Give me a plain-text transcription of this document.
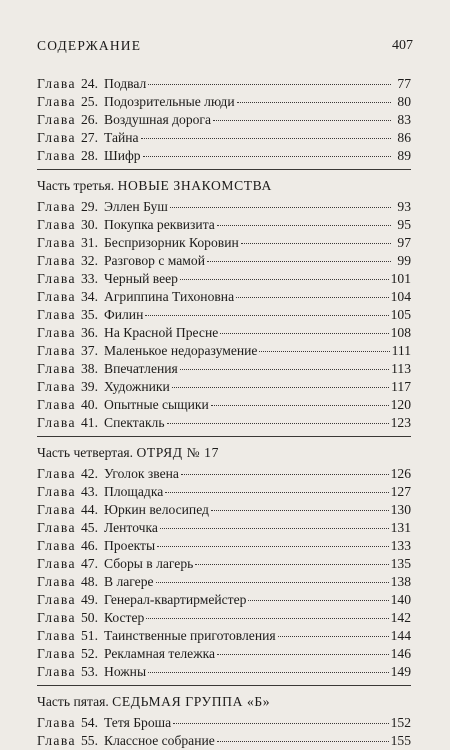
СОДЕРЖАНИЕ	407
Глава 24. Подвал	77
Глава 25. Подозрительные люди	80
Глава 26. Воздушная дорога	83
Глава 27. Тайна	86
Глава 28. Шифр	89
Часть третья. НОВЫЕ ЗНАКОМСТВА
Глава 29. Эллен Буш	93
Глава 30. Покупка реквизита	95
Глава 31. Беспризорник Коровин	97
Глава 32. Разговор с мамой	99
Глава 33. Черный веер	101
Глава 34. Агриппина Тихоновна	104
Глава 35. Филин	105
Глава 36. На Красной Пресне	108
Глава 37. Маленькое недоразумение	111
Глава 38. Впечатления	113
Глава 39. Художники	117
Глава 40. Опытные сыщики	120
Глава 41. Спектакль	123
Часть четвертая. ОТРЯД № 17
Глава 42. Уголок звена	126
Глава 43. Площадка	127
Глава 44. Юркин велосипед	130
Глава 45. Ленточка	131
Глава 46. Проекты	133
Глава 47. Сборы в лагерь	135
Глава 48. В лагере	138
Глава 49. Генерал-квартирмейстер	140
Глава 50. Костер	142
Глава 51. Таинственные приготовления	144
Глава 52. Рекламная тележка	146
Глава 53. Ножны	149
Часть пятая. СЕДЬМАЯ ГРУППА «Б»
Глава 54. Тетя Броша	152
Глава 55. Классное собрание	155
